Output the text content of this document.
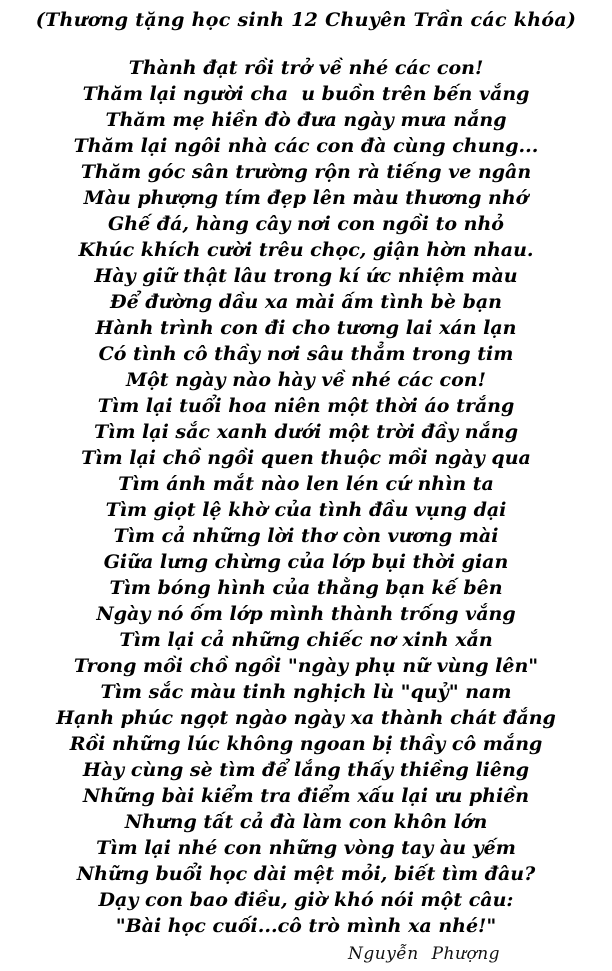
(Thương tặng học sinh 12 Chuyên Trần các khóa)
Thành đạt rồi trở về nhé các con!
Thăm lại người cha  u buồn trên bến vắng
Thăm mẹ hiền đò đưa ngày mưa nắng
Thăm lại ngôi nhà các con đà cùng chung...
Thăm góc sân trường rộn rà tiếng ve ngân
Màu phượng tím đẹp lên màu thương nhớ
Ghế đá, hàng cây nơi con ngồi to nhỏ
Khúc khích cười trêu chọc, giận hờn nhau.
Hày giữ thật lâu trong kí ức nhiệm màu
Để đường dầu xa mài ấm tình bè bạn
Hành trình con đi cho tương lai xán lạn
Có tình cô thầy nơi sâu thẳm trong tim
Một ngày nào hày về nhé các con!
Tìm lại tuổi hoa niên một thời áo trắng
Tìm lại sắc xanh dưới một trời đầy nắng
Tìm lại chồ ngồi quen thuộc mồi ngày qua
Tìm ánh mắt nào len lén cứ nhìn ta
Tìm giọt lệ khờ của tình đầu vụng dại
Tìm cả những lời thơ còn vương mài
Giữa lưng chừng của lớp bụi thời gian
Tìm bóng hình của thằng bạn kế bên
Ngày nó ốm lớp mình thành trống vắng
Tìm lại cả những chiếc nơ xinh xắn
Trong mồi chồ ngồi "ngày phụ nữ vùng lên"
Tìm sắc màu tinh nghịch lù "quỷ" nam
Hạnh phúc ngọt ngào ngày xa thành chát đắng
Rồi những lúc không ngoan bị thầy cô mắng
Hày cùng sè tìm để lắng thấy thiềng liêng
Những bài kiểm tra điểm xấu lại ưu phiền
Nhưng tất cả đà làm con khôn lớn
Tìm lại nhé con những vòng tay àu yếm
Những buổi học dài mệt mỏi, biết tìm đâu?
Dạy con bao điều, giờ khó nói một câu:
"Bài học cuối...cô trò mình xa nhé!"
Nguyễn Phượng
